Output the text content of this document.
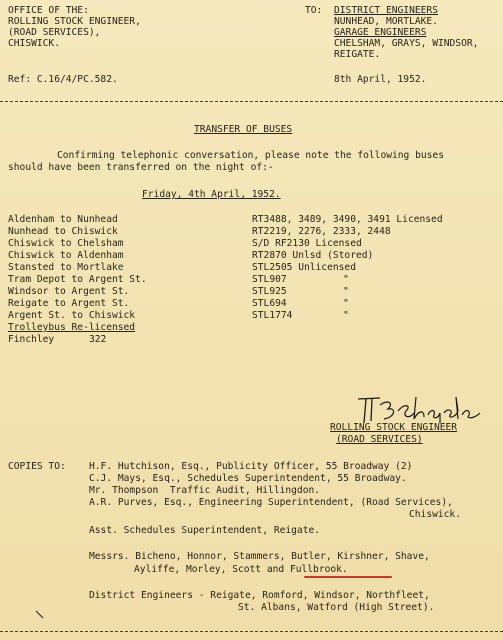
OFFICE OF THE:
ROLLING STOCK ENGINEER,
(ROAD SERVICES),
CHISWICK.
TO: DISTRICT ENGINEERS
NUNHEAD, MORTLAKE.
GARAGE ENGINEERS
CHELSHAM, GRAYS, WINDSOR,
REIGATE.
Ref: C.16/4/PC.582.	8th April, 1952.
TRANSFER OF BUSES
Confirming telephonic conversation, please note the following buses
should have been transferred on the night of:-
Friday, 4th April, 1952.
Aldenham to Nunhead	RT3488, 3489, 3490, 3491 Licensed
Nunhead to Chiswick	RT2219, 2276, 2333, 2448
Chiswick to Chelsham	S/D RF2130 Licensed
Chiswick to Aldenham	RT2870 Unlsd (Stored)
Stansted to Mortlake	STL2505 Unlicensed
Tram Depot to Argent St.	STL907	"
Windsor to Argent St.	STL925	"
Reigate to Argent St.	STL694	"
Argent St. to Chiswick	STL1774	"
Trolleybus Re-licensed
Finchley	322
ROLLING STOCK ENGINEER
(ROAD SERVICES)
COPIES TO: H.F. Hutchison, Esq., Publicity Officer, 55 Broadway (2)
C.J. Mays, Esq., Schedules Superintendent, 55 Broadway.
Mr. Thompson  Traffic Audit, Hillingdon.
A.R. Purves, Esq., Engineering Superintendent, (Road Services),
Chiswick.
Asst. Schedules Superintendent, Reigate.
Messrs. Bicheno, Honnor, Stammers, Butler, Kirshner, Shave,
Ayliffe, Morley, Scott and Fullbrook.
District Engineers - Reigate, Romford, Windsor, Northfleet,
St. Albans, Watford (High Street).
